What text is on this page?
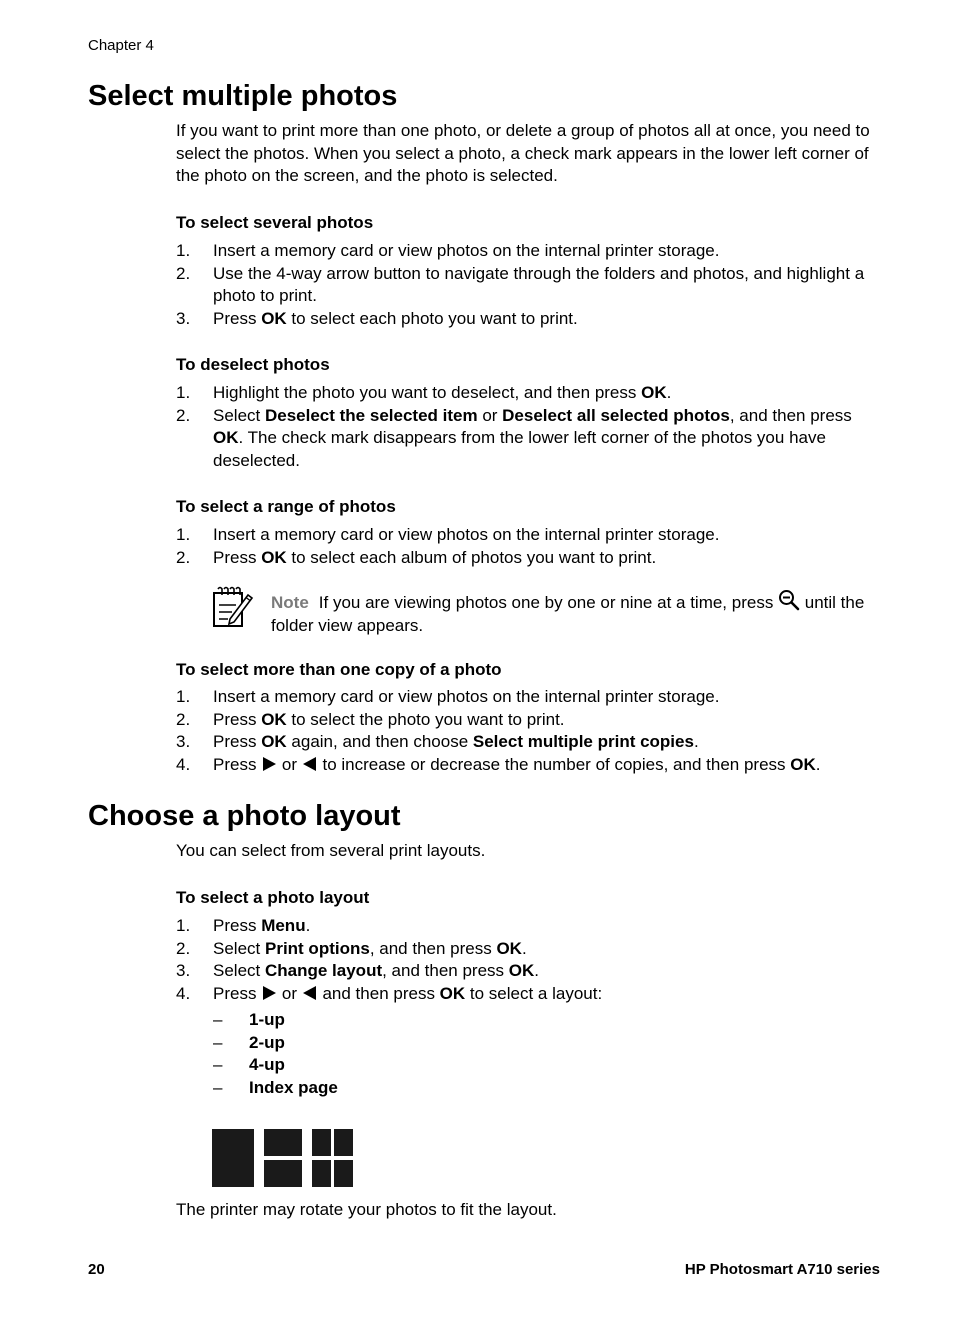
Chapter 4
Select multiple photos

If you want to print more than one photo, or delete a group of photos all at once, you need to select the photos. When you select a photo, a check mark appears in the lower left corner of the photo on the screen, and the photo is selected.

To select several photos
1. Insert a memory card or view photos on the internal printer storage.
2. Use the 4-way arrow button to navigate through the folders and photos, and highlight a photo to print.
3. Press OK to select each photo you want to print.
To deselect photos
1. Highlight the photo you want to deselect, and then press OK.
2. Select Deselect the selected item or Deselect all selected photos, and then press OK. The check mark disappears from the lower left corner of the photos you have deselected.
To select a range of photos
1. Insert a memory card or view photos on the internal printer storage.
2. Press OK to select each album of photos you want to print.
Note If you are viewing photos one by one or nine at a time, press  until the folder view appears.
To select more than one copy of a photo
1. Insert a memory card or view photos on the internal printer storage.
2. Press OK to select the photo you want to print.
3. Press OK again, and then choose Select multiple print copies.
4. Press  or  to increase or decrease the number of copies, and then press OK.
Choose a photo layout

You can select from several print layouts.

To select a photo layout
1. Press Menu.
2. Select Print options, and then press OK.
3. Select Change layout, and then press OK.
4. Press  or  and then press OK to select a layout:
– 1-up
– 2-up
– 4-up
– Index page

The printer may rotate your photos to fit the layout.

20	HP Photosmart A710 series
